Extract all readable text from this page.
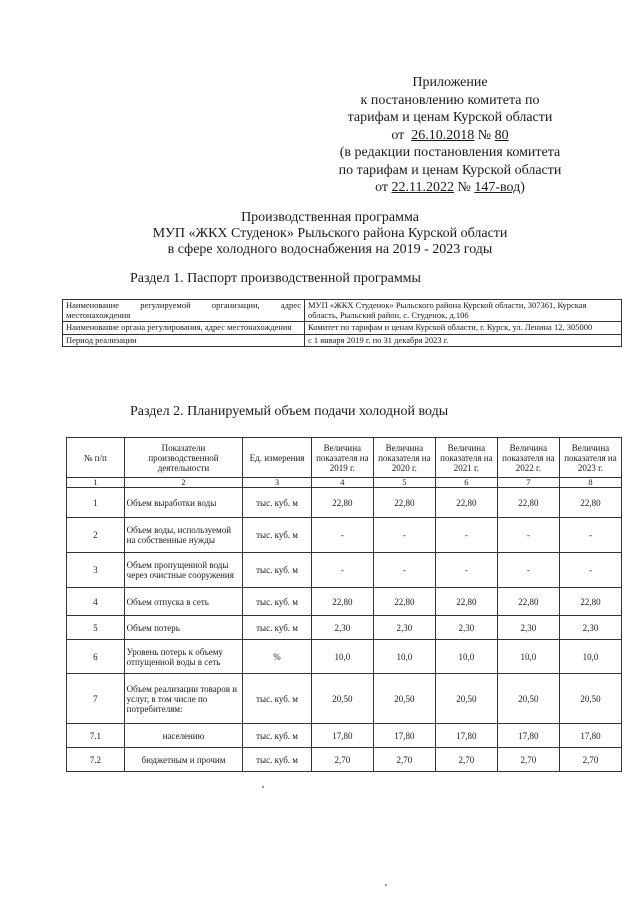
Приложение
к постановлению комитета по
тарифам и ценам Курской области
от 26.10.2018 № 80
(в редакции постановления комитета
по тарифам и ценам Курской области
от 22.11.2022 № 147-вод)
Производственная программа
МУП «ЖКХ Студенок» Рыльского района Курской области
в сфере холодного водоснабжения на 2019 - 2023 годы
Раздел 1. Паспорт производственной программы
Наименование регулируемой организации, адрес местонахождения	МУП «ЖКХ Студенок» Рыльского района Курской области, 307361, Курская область, Рыльский район, с. Студенок, д.106
Наименование органа регулирования, адрес местонахождения	Комитет по тарифам и ценам Курской области, г. Курск, ул. Ленина 12, 305000
Период реализации	с 1 января 2019 г. по 31 декабря 2023 г.
Раздел 2. Планируемый объем подачи холодной воды
№ п/п	Показатели производственной деятельности	Ед. измерения	Величина показателя на 2019 г.	Величина показателя на 2020 г.	Величина показателя на 2021 г.	Величина показателя на 2022 г.	Величина показателя на 2023 г.
1	2	3	4	5	6	7	8
1	Объем выработки воды	тыс. куб. м	22,80	22,80	22,80	22,80	22,80
2	Объем воды, используемой на собственные нужды	тыс. куб. м	-	-	-	-	-
3	Объем пропущенной воды через очистные сооружения	тыс. куб. м	-	-	-	-	-
4	Объем отпуска в сеть	тыс. куб. м	22,80	22,80	22,80	22,80	22,80
5	Объем потерь	тыс. куб. м	2,30	2,30	2,30	2,30	2,30
6	Уровень потерь к объему отпущенной воды в сеть	%	10,0	10,0	10,0	10,0	10,0
7	Объем реализации товаров и услуг, в том числе по потребителям:	тыс. куб. м	20,50	20,50	20,50	20,50	20,50
7.1	населению	тыс. куб. м	17,80	17,80	17,80	17,80	17,80
7.2	бюджетным и прочим	тыс. куб. м	2,70	2,70	2,70	2,70	2,70
